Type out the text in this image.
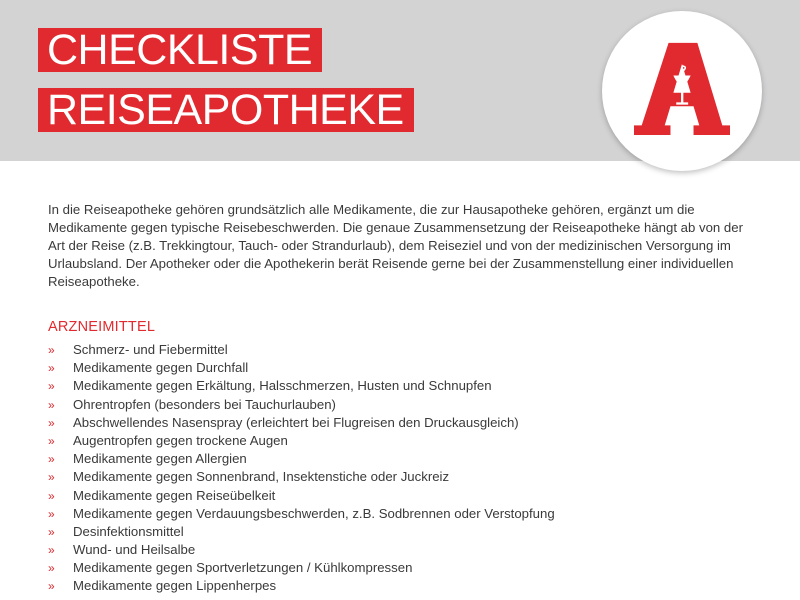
CHECKLISTE
REISEAPOTHEKE

In die Reiseapotheke gehören grundsätzlich alle Medikamente, die zur Hausapotheke gehören, ergänzt um die Medikamente gegen typische Reisebeschwerden. Die genaue Zusammensetzung der Reiseapotheke hängt ab von der Art der Reise (z.B. Trekkingtour, Tauch- oder Strandurlaub), dem Reiseziel und von der medizinischen Versorgung im Urlaubsland. Der Apotheker oder die Apothekerin berät Reisende gerne bei der Zusammenstellung einer individuellen Reiseapotheke.

ARZNEIMITTEL
» Schmerz- und Fiebermittel
» Medikamente gegen Durchfall
» Medikamente gegen Erkältung, Halsschmerzen, Husten und Schnupfen
» Ohrentropfen (besonders bei Tauchurlauben)
» Abschwellendes Nasenspray (erleichtert bei Flugreisen den Druckausgleich)
» Augentropfen gegen trockene Augen
» Medikamente gegen Allergien
» Medikamente gegen Sonnenbrand, Insektenstiche oder Juckreiz
» Medikamente gegen Reiseübelkeit
» Medikamente gegen Verdauungsbeschwerden, z.B. Sodbrennen oder Verstopfung
» Desinfektionsmittel
» Wund- und Heilsalbe
» Medikamente gegen Sportverletzungen / Kühlkompressen
» Medikamente gegen Lippenherpes
